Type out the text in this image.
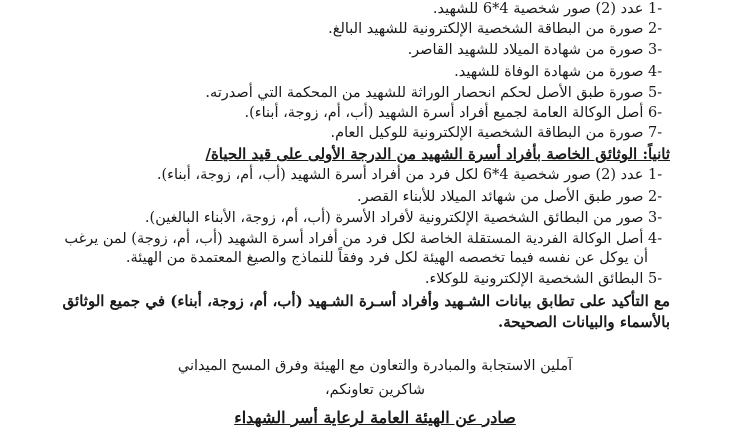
-1 عدد (2) صور شخصية 4*6 للشهيد.
-2 صورة من البطاقة الشخصية الإلكترونية للشهيد البالغ.
-3 صورة من شهادة الميلاد للشهيد القاصر.
-4 صورة من شهادة الوفاة للشهيد.
-5 صورة طبق الأصل لحكم انحصار الوراثة للشهيد من المحكمة التي أصدرته.
-6 أصل الوكالة العامة لجميع أفراد أسرة الشهيد (أب، أم، زوجة، أبناء).
-7 صورة من البطاقة الشخصية الإلكترونية للوكيل العام.
ثانياً: الوثائق الخاصة بأفراد أسرة الشهيد من الدرجة الأولى على قيد الحياة/
-1 عدد (2) صور شخصية 4*6 لكل فرد من أفراد أسرة الشهيد (أب، أم، زوجة، أبناء).
-2 صور طبق الأصل من شهائد الميلاد للأبناء القصر.
-3 صور من البطائق الشخصية الإلكترونية لأفراد الأسرة (أب، أم، زوجة، الأبناء البالغين).
-4 أصل الوكالة الفردية المستقلة الخاصة لكل فرد من أفراد أسرة الشهيد (أب، أم، زوجة) لمن يرغب
أن يوكل عن نفسه فيما تخصصه الهيئة لكل فرد وفقاً للنماذج والصيغ المعتمدة من الهيئة.
-5 البطائق الشخصية الإلكترونية للوكلاء.
مع التأكيد على تطابق بيانات الشـهيد وأفراد أسـرة الشـهيد (أب، أم، زوجة، أبناء) في جميع الوثائق
بالأسماء والبيانات الصحيحة.
آملين الاستجابة والمبادرة والتعاون مع الهيئة وفرق المسح الميداني
شاكرين تعاونكم،
صادر عن الهيئة العامة لرعاية أسر الشهداء
